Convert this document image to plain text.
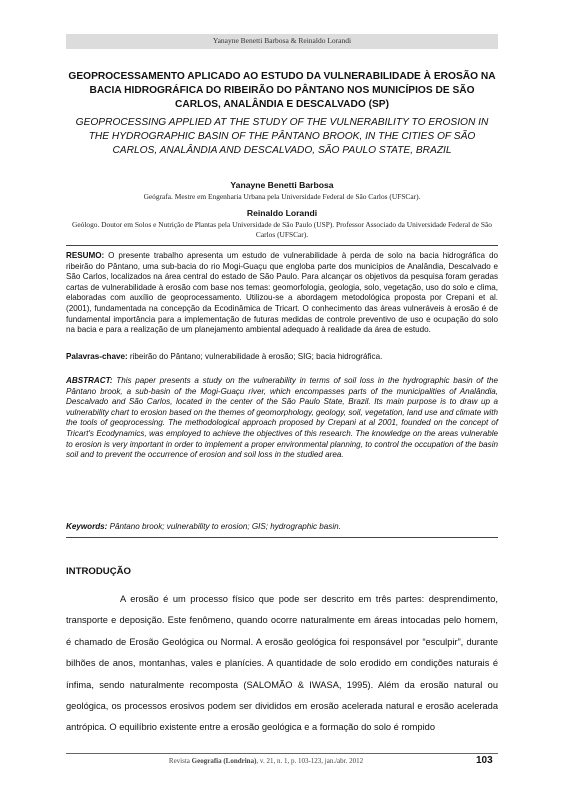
Yanayne Benetti Barbosa & Reinaldo Lorandi
GEOPROCESSAMENTO APLICADO AO ESTUDO DA VULNERABILIDADE À EROSÃO NA BACIA HIDROGRÁFICA DO RIBEIRÃO DO PÂNTANO NOS MUNICÍPIOS DE SÃO CARLOS, ANALÂNDIA E DESCALVADO (SP)
GEOPROCESSING APPLIED AT THE STUDY OF THE VULNERABILITY TO EROSION IN THE HYDROGRAPHIC BASIN OF THE PÂNTANO BROOK, IN THE CITIES OF SÃO CARLOS, ANALÂNDIA AND DESCALVADO, SÃO PAULO STATE, BRAZIL
Yanayne Benetti Barbosa
Geógrafa. Mestre em Engenharia Urbana pela Universidade Federal de São Carlos (UFSCar).
Reinaldo Lorandi
Geólogo. Doutor em Solos e Nutrição de Plantas pela Universidade de São Paulo (USP). Professor Associado da Universidade Federal de São Carlos (UFSCar).
RESUMO: O presente trabalho apresenta um estudo de vulnerabilidade à perda de solo na bacia hidrográfica do ribeirão do Pântano, uma sub-bacia do rio Mogi-Guaçu que engloba parte dos municípios de Analândia, Descalvado e São Carlos, localizados na área central do estado de São Paulo. Para alcançar os objetivos da pesquisa foram geradas cartas de vulnerabilidade à erosão com base nos temas: geomorfologia, geologia, solo, vegetação, uso do solo e clima, elaboradas com auxílio de geoprocessamento. Utilizou-se a abordagem metodológica proposta por Crepani et al. (2001), fundamentada na concepção da Ecodinâmica de Tricart. O conhecimento das áreas vulneráveis à erosão é de fundamental importância para a implementação de futuras medidas de controle preventivo de uso e ocupação do solo na bacia e para a realização de um planejamento ambiental adequado à realidade da área de estudo.
Palavras-chave: ribeirão do Pântano; vulnerabilidade à erosão; SIG; bacia hidrográfica.
ABSTRACT: This paper presents a study on the vulnerability in terms of soil loss in the hydrographic basin of the Pântano brook, a sub-basin of the Mogi-Guaçu river, which encompasses parts of the municipalities of Analândia, Descalvado and São Carlos, located in the center of the São Paulo State, Brazil. Its main purpose is to draw up a vulnerability chart to erosion based on the themes of geomorphology, geology, soil, vegetation, land use and climate with the tools of geoprocessing. The methodological approach proposed by Crepani at al 2001, founded on the concept of Tricart's Ecodynamics, was employed to achieve the objectives of this research. The knowledge on the areas vulnerable to erosion is very important in order to implement a proper environmental planning, to control the occupation of the basin soil and to prevent the occurrence of erosion and soil loss in the studied area.
Keywords: Pântano brook; vulnerability to erosion; GIS; hydrographic basin.
INTRODUÇÃO
A erosão é um processo físico que pode ser descrito em três partes: desprendimento, transporte e deposição. Este fenômeno, quando ocorre naturalmente em áreas intocadas pelo homem, é chamado de Erosão Geológica ou Normal. A erosão geológica foi responsável por “esculpir”, durante bilhões de anos, montanhas, vales e planícies. A quantidade de solo erodido em condições naturais é ínfima, sendo naturalmente recomposta (SALOMÃO & IWASA, 1995). Além da erosão natural ou geológica, os processos erosivos podem ser divididos em erosão acelerada natural e erosão acelerada antrópica. O equilíbrio existente entre a erosão geológica e a formação do solo é rompido
Revista Geografia (Londrina), v. 21, n. 1, p. 103-123, jan./abr. 2012	103
